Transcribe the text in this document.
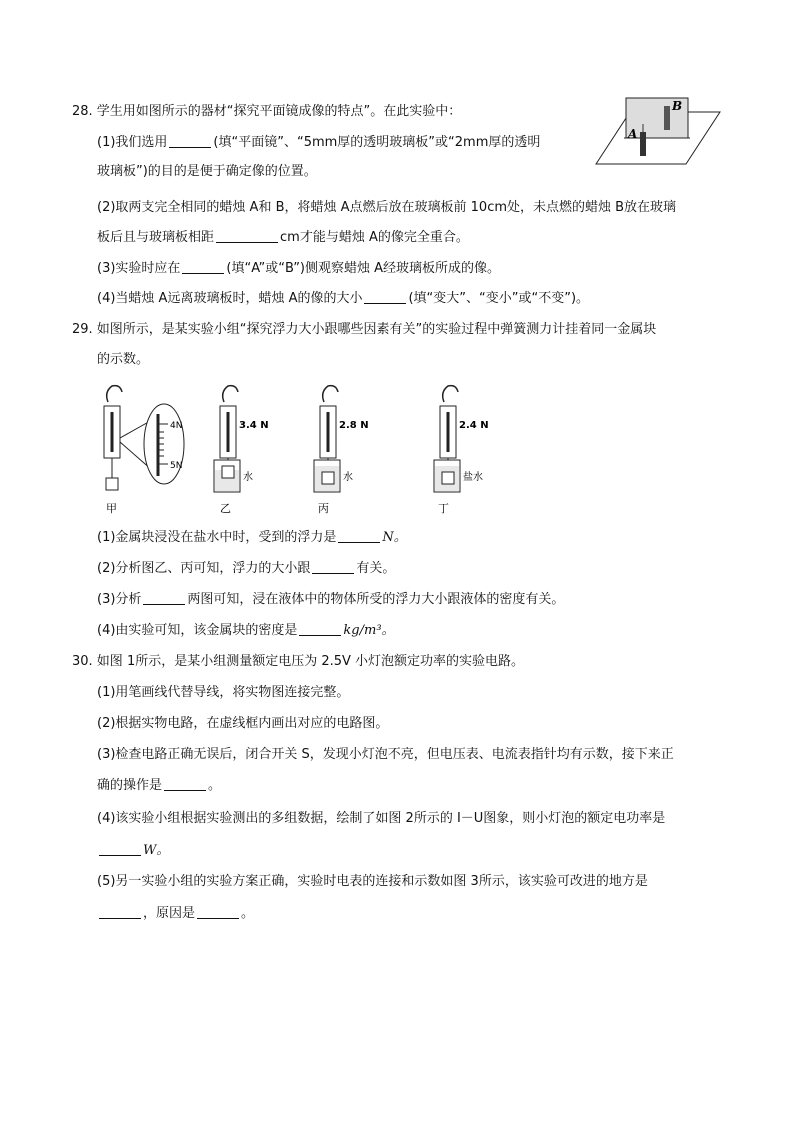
28. 学生用如图所示的器材“探究平面镜成像的特点”。在此实验中：
(1)我们选用	(填“平面镜”、“5mm厚的透明玻璃板”或“2mm厚的透明
玻璃板”)的目的是便于确定像的位置。
(2)取两支完全相同的蜡烛 A和 B，将蜡烛 A点燃后放在玻璃板前 10cm处，未点燃的蜡烛 B放在玻璃
板后且与玻璃板相距	cm才能与蜡烛 A的像完全重合。
(3)实验时应在	(填“A”或“B”)侧观察蜡烛 A经玻璃板所成的像。
(4)当蜡烛 A远离玻璃板时，蜡烛 A的像的大小	(填“变大”、“变小”或“不变”)。
A
B
29. 如图所示，是某实验小组“探究浮力大小跟哪些因素有关”的实验过程中弹簧测力计挂着同一金属块
的示数。
4N
5N
甲
3.4 N
水
乙
2.8 N
水
丙
2.4 N
盐水
丁
(1)金属块浸没在盐水中时，受到的浮力是	N。
(2)分析图乙、丙可知，浮力的大小跟	有关。
(3)分析	两图可知，浸在液体中的物体所受的浮力大小跟液体的密度有关。
(4)由实验可知，该金属块的密度是	kg/m³。
30. 如图 1所示，是某小组测量额定电压为 2.5V 小灯泡额定功率的实验电路。
(1)用笔画线代替导线，将实物图连接完整。
(2)根据实物电路，在虚线框内画出对应的电路图。
(3)检查电路正确无误后，闭合开关 S，发现小灯泡不亮，但电压表、电流表指针均有示数，接下来正
确的操作是	。
(4)该实验小组根据实验测出的多组数据，绘制了如图 2所示的 I－U图象，则小灯泡的额定电功率是
W。
(5)另一实验小组的实验方案正确，实验时电表的连接和示数如图 3所示，该实验可改进的地方是
，原因是	。
